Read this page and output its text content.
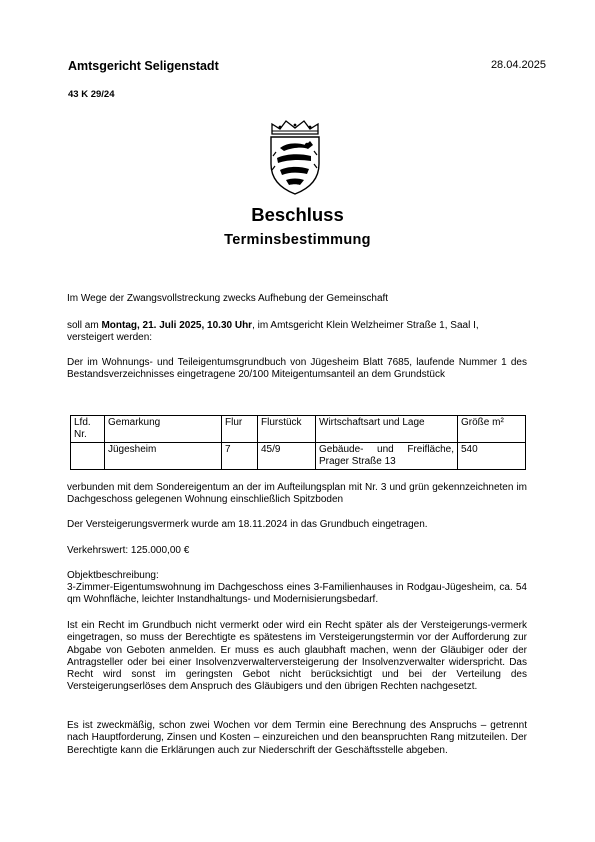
Amtsgericht Seligenstadt	28.04.2025
43 K 29/24
Beschluss
Terminsbestimmung
Im Wege der Zwangsvollstreckung zwecks Aufhebung der Gemeinschaft
soll am Montag, 21. Juli 2025, 10.30 Uhr, im Amtsgericht Klein Welzheimer Straße 1, Saal I, versteigert werden:
Der im Wohnungs- und Teileigentumsgrundbuch von Jügesheim Blatt 7685, laufende Nummer 1 des Bestandsverzeichnisses eingetragene 20/100 Miteigentumsanteil an dem Grundstück
Lfd. Nr.	Gemarkung	Flur	Flurstück	Wirtschaftsart und Lage	Größe m²
	Jügesheim	7	45/9	Gebäude- und Freifläche, Prager Straße 13	540
verbunden mit dem Sondereigentum an der im Aufteilungsplan mit Nr. 3 und grün gekennzeichneten im Dachgeschoss gelegenen Wohnung einschließlich Spitzboden
Der Versteigerungsvermerk wurde am 18.11.2024 in das Grundbuch eingetragen.
Verkehrswert: 125.000,00 €
Objektbeschreibung:
3-Zimmer-Eigentumswohnung im Dachgeschoss eines 3-Familienhauses in Rodgau-Jügesheim, ca. 54 qm Wohnfläche, leichter Instandhaltungs- und Modernisierungsbedarf.
Ist ein Recht im Grundbuch nicht vermerkt oder wird ein Recht später als der Versteigerungs-vermerk eingetragen, so muss der Berechtigte es spätestens im Versteigerungstermin vor der Aufforderung zur Abgabe von Geboten anmelden. Er muss es auch glaubhaft machen, wenn der Gläubiger oder der Antragsteller oder bei einer Insolvenzverwalterversteigerung der Insolvenzverwalter widerspricht. Das Recht wird sonst im geringsten Gebot nicht berücksichtigt und bei der Verteilung des Versteigerungserlöses dem Anspruch des Gläubigers und den übrigen Rechten nachgesetzt.
Es ist zweckmäßig, schon zwei Wochen vor dem Termin eine Berechnung des Anspruchs – getrennt nach Hauptforderung, Zinsen und Kosten – einzureichen und den beanspruchten Rang mitzuteilen. Der Berechtigte kann die Erklärungen auch zur Niederschrift der Geschäftsstelle abgeben.
